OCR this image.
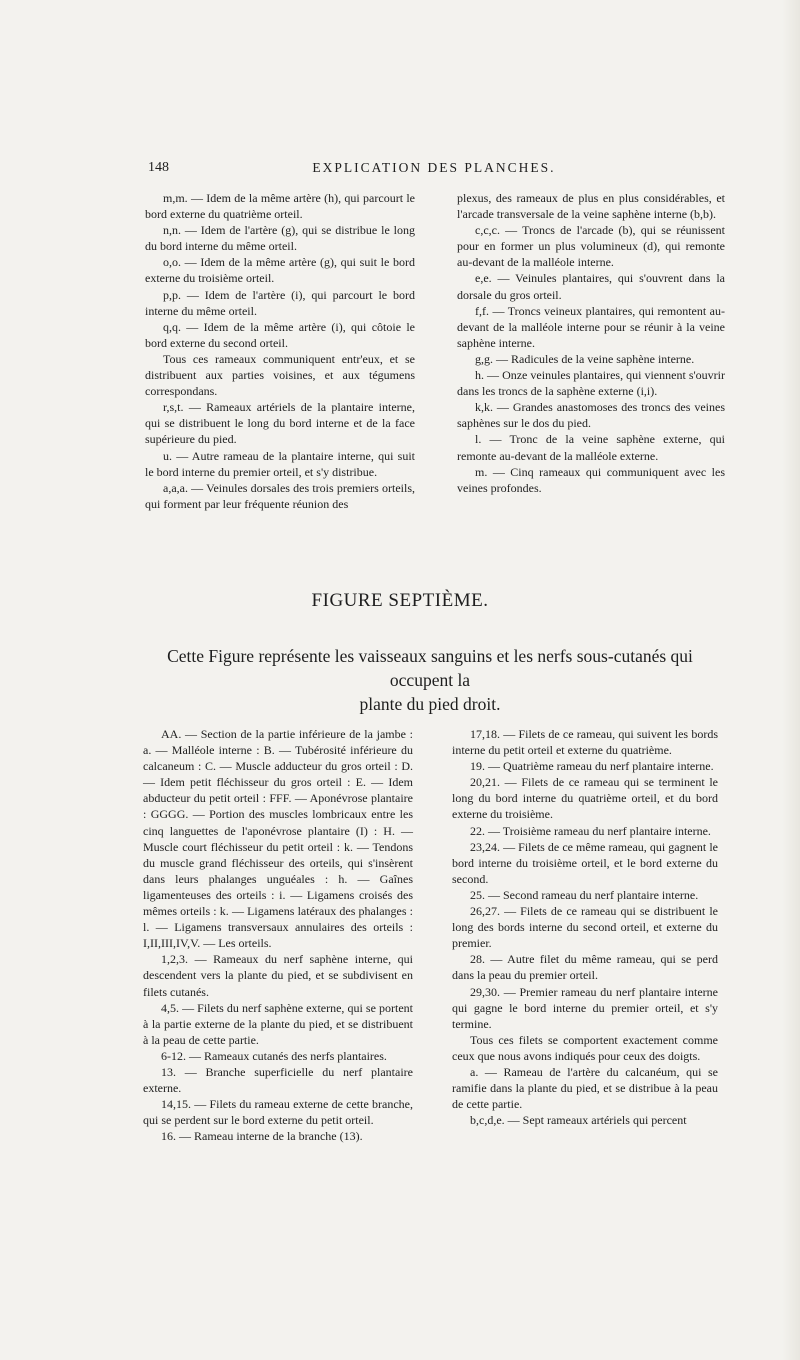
148	EXPLICATION DES PLANCHES.

m,m. — Idem de la même artère (h), qui parcourt le bord externe du quatrième orteil.

n,n. — Idem de l'artère (g), qui se distribue le long du bord interne du même orteil.

o,o. — Idem de la même artère (g), qui suit le bord externe du troisième orteil.

p,p. — Idem de l'artère (i), qui parcourt le bord interne du même orteil.

q,q. — Idem de la même artère (i), qui côtoie le bord externe du second orteil.

Tous ces rameaux communiquent entr'eux, et se distribuent aux parties voisines, et aux tégumens correspondans.

r,s,t. — Rameaux artériels de la plantaire interne, qui se distribuent le long du bord interne et de la face supérieure du pied.

u. — Autre rameau de la plantaire interne, qui suit le bord interne du premier orteil, et s'y distribue.

a,a,a. — Veinules dorsales des trois premiers orteils, qui forment par leur fréquente réunion des

plexus, des rameaux de plus en plus considérables, et l'arcade transversale de la veine saphène interne (b,b).

c,c,c. — Troncs de l'arcade (b), qui se réunissent pour en former un plus volumineux (d), qui remonte au-devant de la malléole interne.

e,e. — Veinules plantaires, qui s'ouvrent dans la dorsale du gros orteil.

f,f. — Troncs veineux plantaires, qui remontent au-devant de la malléole interne pour se réunir à la veine saphène interne.

g,g. — Radicules de la veine saphène interne.

h. — Onze veinules plantaires, qui viennent s'ouvrir dans les troncs de la saphène externe (i,i).

k,k. — Grandes anastomoses des troncs des veines saphènes sur le dos du pied.

l. — Tronc de la veine saphène externe, qui remonte au-devant de la malléole externe.

m. — Cinq rameaux qui communiquent avec les veines profondes.

FIGURE SEPTIÈME.
Cette Figure représente les vaisseaux sanguins et les nerfs sous-cutanés qui occupent la
plante du pied droit.

AA. — Section de la partie inférieure de la jambe : a. — Malléole interne : B. — Tubérosité inférieure du calcaneum : C. — Muscle adducteur du gros orteil : D. — Idem petit fléchisseur du gros orteil : E. — Idem abducteur du petit orteil : FFF. — Aponévrose plantaire : GGGG. — Portion des muscles lombricaux entre les cinq languettes de l'aponévrose plantaire (I) : H. — Muscle court fléchisseur du petit orteil : k. — Tendons du muscle grand fléchisseur des orteils, qui s'insèrent dans leurs phalanges unguéales : h. — Gaînes ligamenteuses des orteils : i. — Ligamens croisés des mêmes orteils : k. — Ligamens latéraux des phalanges : l. — Ligamens transversaux annulaires des orteils : I,II,III,IV,V. — Les orteils.

1,2,3. — Rameaux du nerf saphène interne, qui descendent vers la plante du pied, et se subdivisent en filets cutanés.

4,5. — Filets du nerf saphène externe, qui se portent à la partie externe de la plante du pied, et se distribuent à la peau de cette partie.

6-12. — Rameaux cutanés des nerfs plantaires.

13. — Branche superficielle du nerf plantaire externe.

14,15. — Filets du rameau externe de cette branche, qui se perdent sur le bord externe du petit orteil.

16. — Rameau interne de la branche (13).

17,18. — Filets de ce rameau, qui suivent les bords interne du petit orteil et externe du quatrième.

19. — Quatrième rameau du nerf plantaire interne.

20,21. — Filets de ce rameau qui se terminent le long du bord interne du quatrième orteil, et du bord externe du troisième.

22. — Troisième rameau du nerf plantaire interne.

23,24. — Filets de ce même rameau, qui gagnent le bord interne du troisième orteil, et le bord externe du second.

25. — Second rameau du nerf plantaire interne.

26,27. — Filets de ce rameau qui se distribuent le long des bords interne du second orteil, et externe du premier.

28. — Autre filet du même rameau, qui se perd dans la peau du premier orteil.

29,30. — Premier rameau du nerf plantaire interne qui gagne le bord interne du premier orteil, et s'y termine.

Tous ces filets se comportent exactement comme ceux que nous avons indiqués pour ceux des doigts.

a. — Rameau de l'artère du calcanéum, qui se ramifie dans la plante du pied, et se distribue à la peau de cette partie.

b,c,d,e. — Sept rameaux artériels qui percent
